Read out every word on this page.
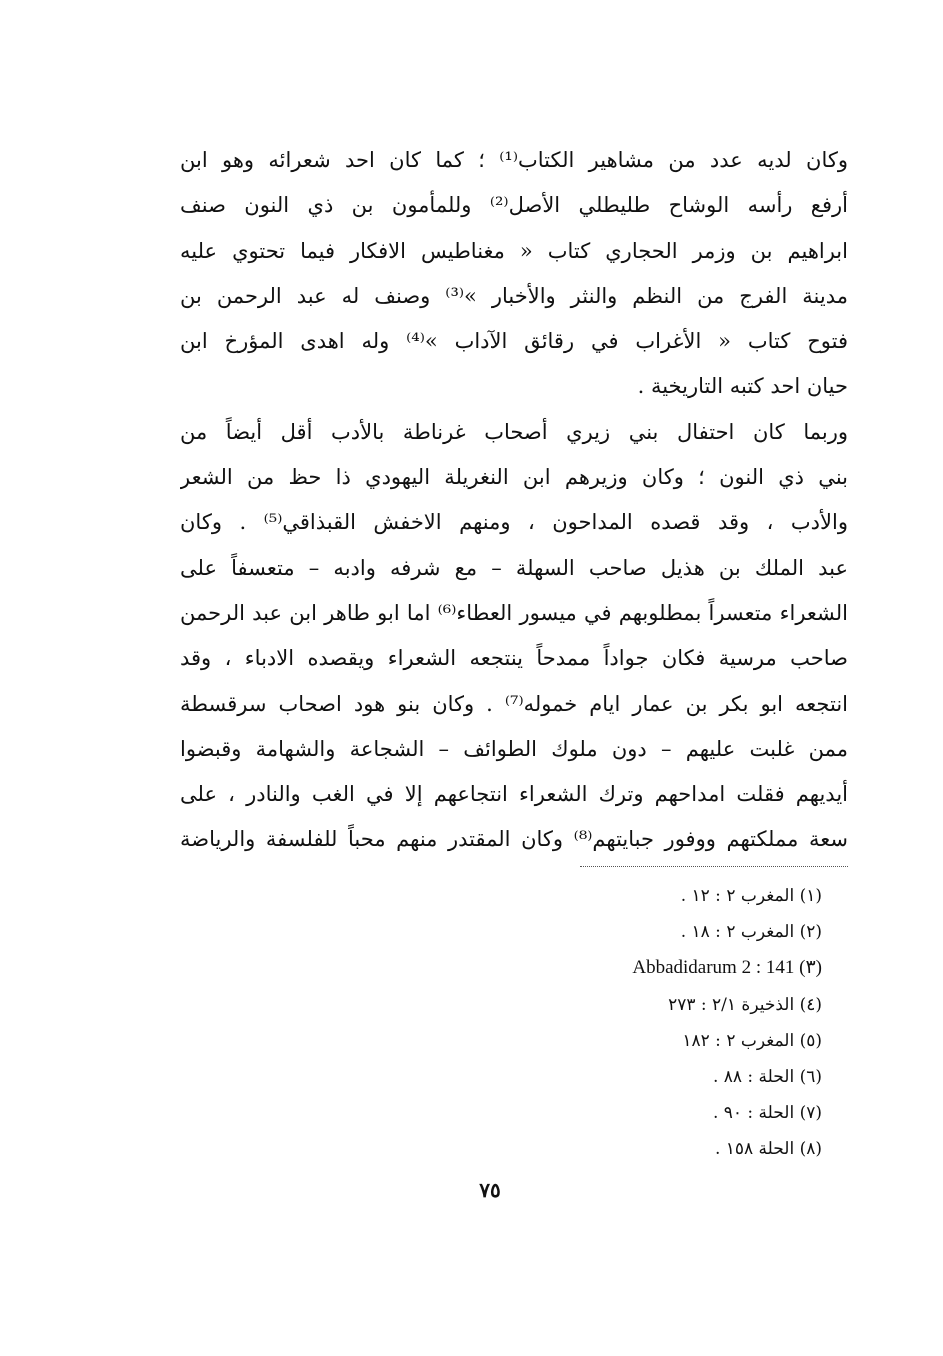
وكان لديه عدد من مشاهير الكتاب⁽¹⁾ ؛ كما كان احد شعرائه وهو ابن
أرفع رأسه الوشاح طليطلي الأصل⁽²⁾ وللمأمون بن ذي النون صنف
ابراهيم بن وزمر الحجاري كتاب « مغناطيس الافكار فيما تحتوي عليه
مدينة الفرج من النظم والنثر والأخبار »⁽³⁾ وصنف له عبد الرحمن بن
فتوح كتاب « الأغراب في رقائق الآداب »⁽⁴⁾ وله اهدى المؤرخ ابن
حيان احد كتبه التاريخية .
وربما كان احتفال بني زيري أصحاب غرناطة بالأدب أقل أيضاً من
بني ذي النون ؛ وكان وزيرهم ابن النغريلة اليهودي ذا حظ من الشعر
والأدب ، وقد قصده المداحون ، ومنهم الاخفش القبذاقي⁽⁵⁾ . وكان
عبد الملك بن هذيل صاحب السهلة – مع شرفه وادبه – متعسفاً على
الشعراء متعسراً بمطلوبهم في ميسور العطاء⁽⁶⁾ اما ابو طاهر ابن عبد الرحمن
صاحب مرسية فكان جواداً ممدحاً ينتجعه الشعراء ويقصده الادباء ، وقد
انتجعه ابو بكر بن عمار ايام خموله⁽⁷⁾ . وكان بنو هود اصحاب سرقسطة
ممن غلبت عليهم – دون ملوك الطوائف – الشجاعة والشهامة وقبضوا
أيديهم فقلت امداحهم وترك الشعراء انتجاعهم إلا في الغب والنادر ، على
سعة مملكتهم ووفور جبايتهم⁽⁸⁾ وكان المقتدر منهم محباً للفلسفة والرياضة
(١) المغرب ٢ : ١٢ .
(٢) المغرب ٢ : ١٨ .
(٣) Abbadidarum 2 : 141
(٤) الذخيرة ٢/١ : ٢٧٣
(٥) المغرب ٢ : ١٨٢
(٦) الحلة : ٨٨ .
(٧) الحلة : ٩٠ .
(٨) الحلة ١٥٨ .
٧٥
